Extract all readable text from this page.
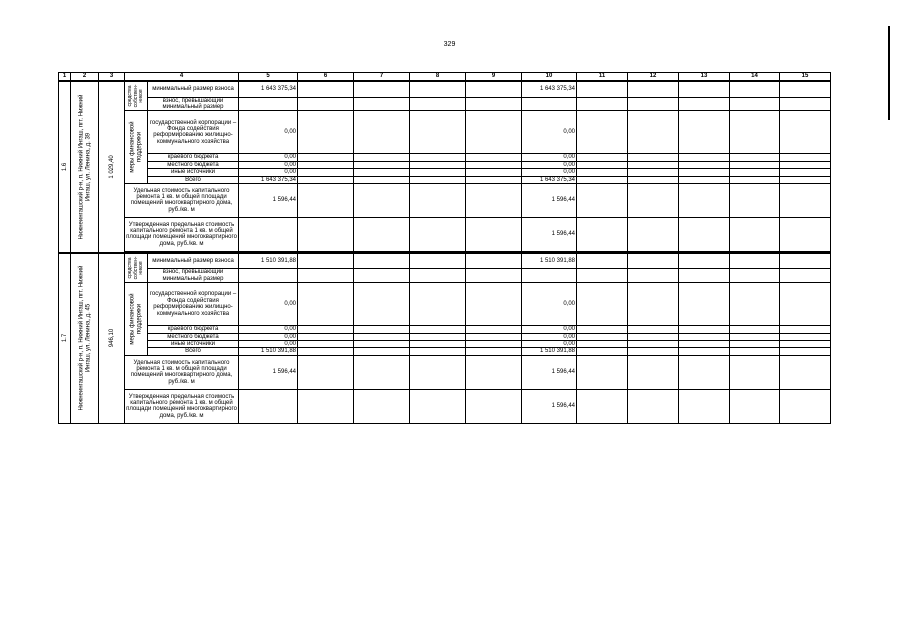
329
1	2	3	4		5	6	7	8	9	10	11	12	13	14	15

1.6	Нижнеингашский р-н, п. Нижний Ингаш, пгт. Нижний Ингаш, ул. Ленина, д. 39	1 029,40	средства собствен-ников	минимальный размер взноса	1 643 375,34					1 643 375,34					
				взнос, превышающий минимальный размер											

			меры финансовой поддержки	государственной корпорации – Фонда содействия реформированию жилищно-коммунального хозяйства	0,00					0,00					
				краевого бюджета	0,00					0,00					
				местного бюджета	0,00					0,00					
				иные источники	0,00					0,00					
				Всего	1 643 375,34					1 643 375,34					
			Удельная стоимость капитального ремонта 1 кв. м общей площади помещений многоквартирного дома, руб./кв. м		1 596,44					1 596,44					
			Утвержденная предельная стоимость капитального ремонта 1 кв. м общей площади помещений многоквартирного дома, руб./кв. м							1 596,44					

1.7	Нижнеингашский р-н, п. Нижний Ингаш, пгт. Нижний Ингаш, ул. Ленина, д. 45	946,10	средства собствен-ников	минимальный размер взноса	1 510 391,88					1 510 391,88					
				взнос, превышающий минимальный размер											

			меры финансовой поддержки	государственной корпорации – Фонда содействия реформированию жилищно-коммунального хозяйства	0,00					0,00					
				краевого бюджета	0,00					0,00					
				местного бюджета	0,00					0,00					
				иные источники	0,00					0,00					
				Всего	1 510 391,88					1 510 391,88					
			Удельная стоимость капитального ремонта 1 кв. м общей площади помещений многоквартирного дома, руб./кв. м		1 596,44					1 596,44					
			Утвержденная предельная стоимость капитального ремонта 1 кв. м общей площади помещений многоквартирного дома, руб./кв. м							1 596,44					
